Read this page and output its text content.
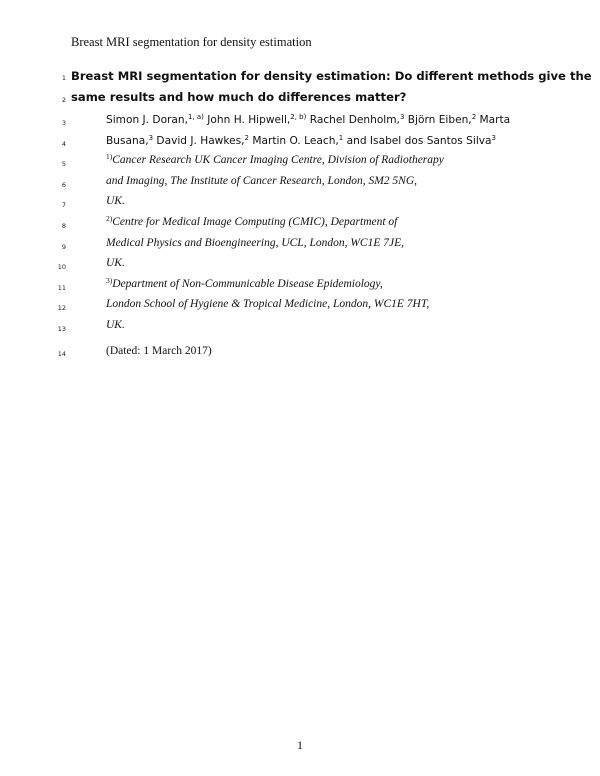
Breast MRI segmentation for density estimation
1
2
3
4
5
6
7
8
9
10
11
12
13
14
Breast MRI segmentation for density estimation: Do different methods give the
same results and how much do differences matter?
Simon J. Doran,$^{1, a)}$ John H. Hipwell,$^{2, b)}$ Rachel Denholm,$^3$ Björn Eiben,$^2$ Marta
Busana,$^3$ David J. Hawkes,$^2$ Martin O. Leach,$^1$ and Isabel dos Santos Silva$^3$
$^{1)}$Cancer Research UK Cancer Imaging Centre, Division of Radiotherapy
and Imaging, The Institute of Cancer Research, London, SM2 5NG,
UK.
$^{2)}$Centre for Medical Image Computing (CMIC), Department of
Medical Physics and Bioengineering, UCL, London, WC1E 7JE,
UK.
$^{3)}$Department of Non-Communicable Disease Epidemiology,
London School of Hygiene & Tropical Medicine, London, WC1E 7HT,
UK.
(Dated: 1 March 2017)
1
